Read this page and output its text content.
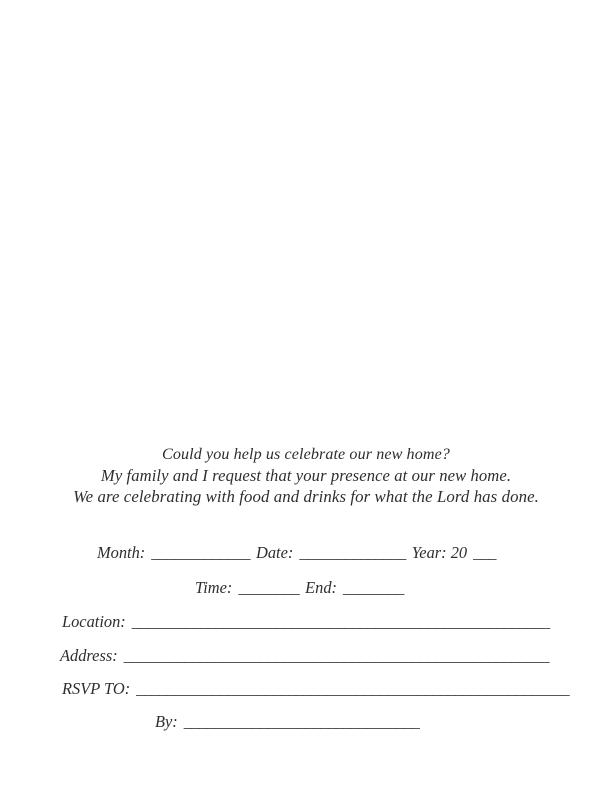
Could you help us celebrate our new home?
My family and I request that your presence at our new home.
We are celebrating with food and drinks for what the Lord has done.
Month: _____________ Date: ______________ Year: 20 ___
Time: ________ End: ________
Location: _______________________________________________________
Address: ________________________________________________________
RSVP TO: _________________________________________________________
By: _______________________________
